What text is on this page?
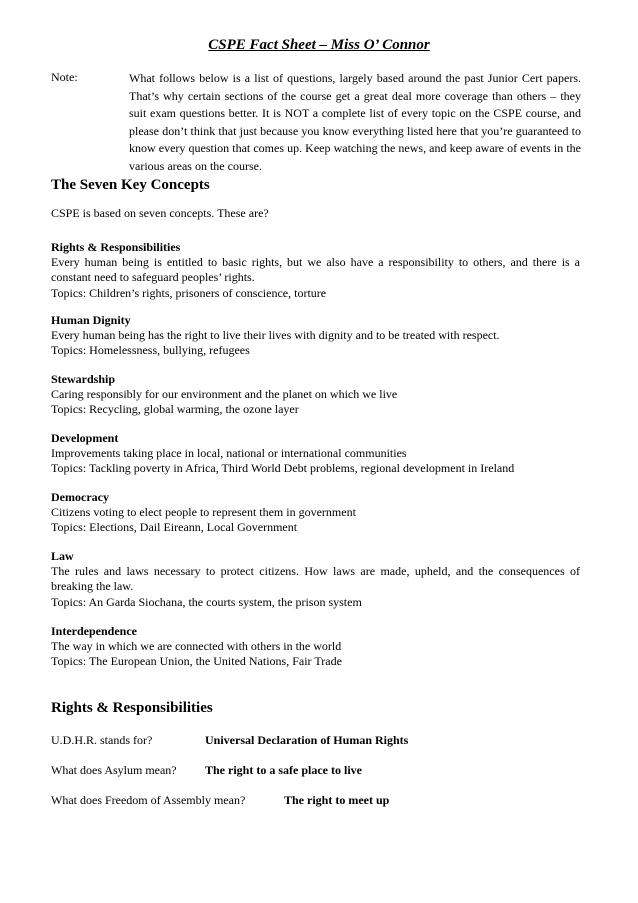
CSPE Fact Sheet – Miss O’ Connor
Note:	What follows below is a list of questions, largely based around the past Junior Cert papers. That’s why certain sections of the course get a great deal more coverage than others – they suit exam questions better. It is NOT a complete list of every topic on the CSPE course, and please don’t think that just because you know everything listed here that you’re guaranteed to know every question that comes up. Keep watching the news, and keep aware of events in the various areas on the course.
The Seven Key Concepts
CSPE is based on seven concepts. These are?
Rights & Responsibilities
Every human being is entitled to basic rights, but we also have a responsibility to others, and there is a
constant need to safeguard peoples’ rights.
Topics: Children’s rights, prisoners of conscience, torture
Human Dignity
Every human being has the right to live their lives with dignity and to be treated with respect.
Topics: Homelessness, bullying, refugees
Stewardship
Caring responsibly for our environment and the planet on which we live
Topics: Recycling, global warming, the ozone layer
Development
Improvements taking place in local, national or international communities
Topics: Tackling poverty in Africa, Third World Debt problems, regional development in Ireland
Democracy
Citizens voting to elect people to represent them in government
Topics: Elections, Dail Eireann, Local Government
Law
The rules and laws necessary to protect citizens. How laws are made, upheld, and the consequences of
breaking the law.
Topics: An Garda Siochana, the courts system, the prison system
Interdependence
The way in which we are connected with others in the world
Topics: The European Union, the United Nations, Fair Trade
Rights & Responsibilities
U.D.H.R. stands for?	Universal Declaration of Human Rights
What does Asylum mean? The right to a safe place to live
What does Freedom of Assembly mean?	The right to meet up
